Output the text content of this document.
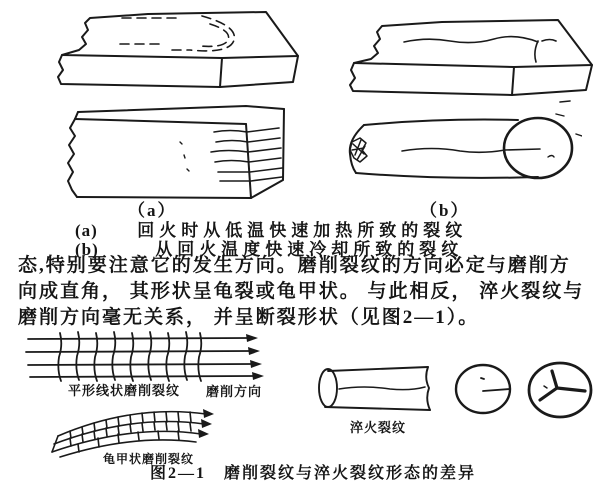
（a）	（b）
(a) 回火时从低温快速加热所致的裂纹
(b)	从回火温度快速冷却所致的裂纹
态,特别要注意它的发生方向。磨削裂纹的方向必定与磨削方
向成直角， 其形状呈龟裂或龟甲状。 与此相反， 淬火裂纹与
磨削方向毫无关系， 并呈断裂形状（见图2—1）。
平形线状磨削裂纹 磨削方向
龟甲状磨削裂纹
淬火裂纹
图2—1　磨削裂纹与淬火裂纹形态的差异
